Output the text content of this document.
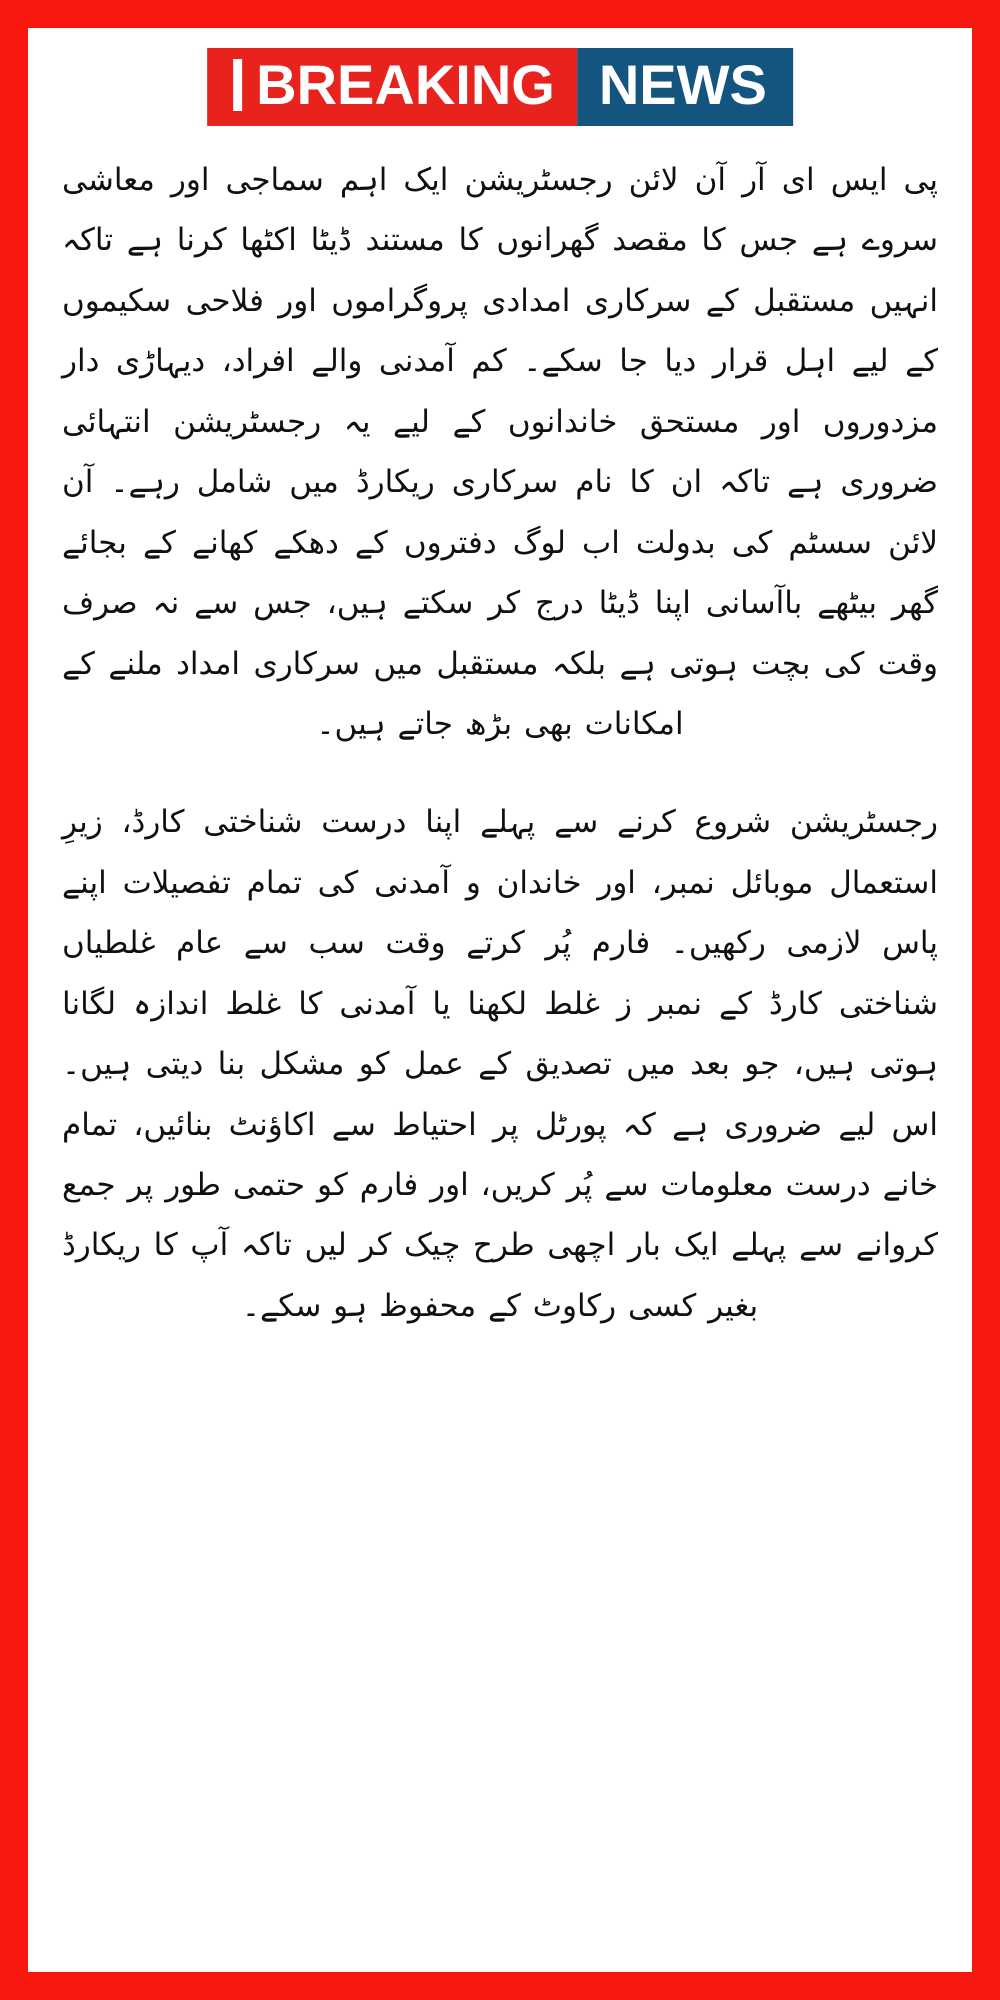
BREAKING NEWS

پی ایس ای آر آن لائن رجسٹریشن ایک اہم سماجی اور معاشی سروے ہے جس کا مقصد گھرانوں کا مستند ڈیٹا اکٹھا کرنا ہے تاکہ انہیں مستقبل کے سرکاری امدادی پروگراموں اور فلاحی سکیموں کے لیے اہل قرار دیا جا سکے۔ کم آمدنی والے افراد، دیہاڑی دار مزدوروں اور مستحق خاندانوں کے لیے یہ رجسٹریشن انتہائی ضروری ہے تاکہ ان کا نام سرکاری ریکارڈ میں شامل رہے۔ آن لائن سسٹم کی بدولت اب لوگ دفتروں کے دھکے کھانے کے بجائے گھر بیٹھے باآسانی اپنا ڈیٹا درج کر سکتے ہیں، جس سے نہ صرف وقت کی بچت ہوتی ہے بلکہ مستقبل میں سرکاری امداد ملنے کے امکانات بھی بڑھ جاتے ہیں۔

رجسٹریشن شروع کرنے سے پہلے اپنا درست شناختی کارڈ، زیرِ استعمال موبائل نمبر، اور خاندان و آمدنی کی تمام تفصیلات اپنے پاس لازمی رکھیں۔ فارم پُر کرتے وقت سب سے عام غلطیاں شناختی کارڈ کے نمبر ز غلط لکھنا یا آمدنی کا غلط اندازہ لگانا ہوتی ہیں، جو بعد میں تصدیق کے عمل کو مشکل بنا دیتی ہیں۔ اس لیے ضروری ہے کہ پورٹل پر احتیاط سے اکاؤنٹ بنائیں، تمام خانے درست معلومات سے پُر کریں، اور فارم کو حتمی طور پر جمع کروانے سے پہلے ایک بار اچھی طرح چیک کر لیں تاکہ آپ کا ریکارڈ بغیر کسی رکاوٹ کے محفوظ ہو سکے۔
